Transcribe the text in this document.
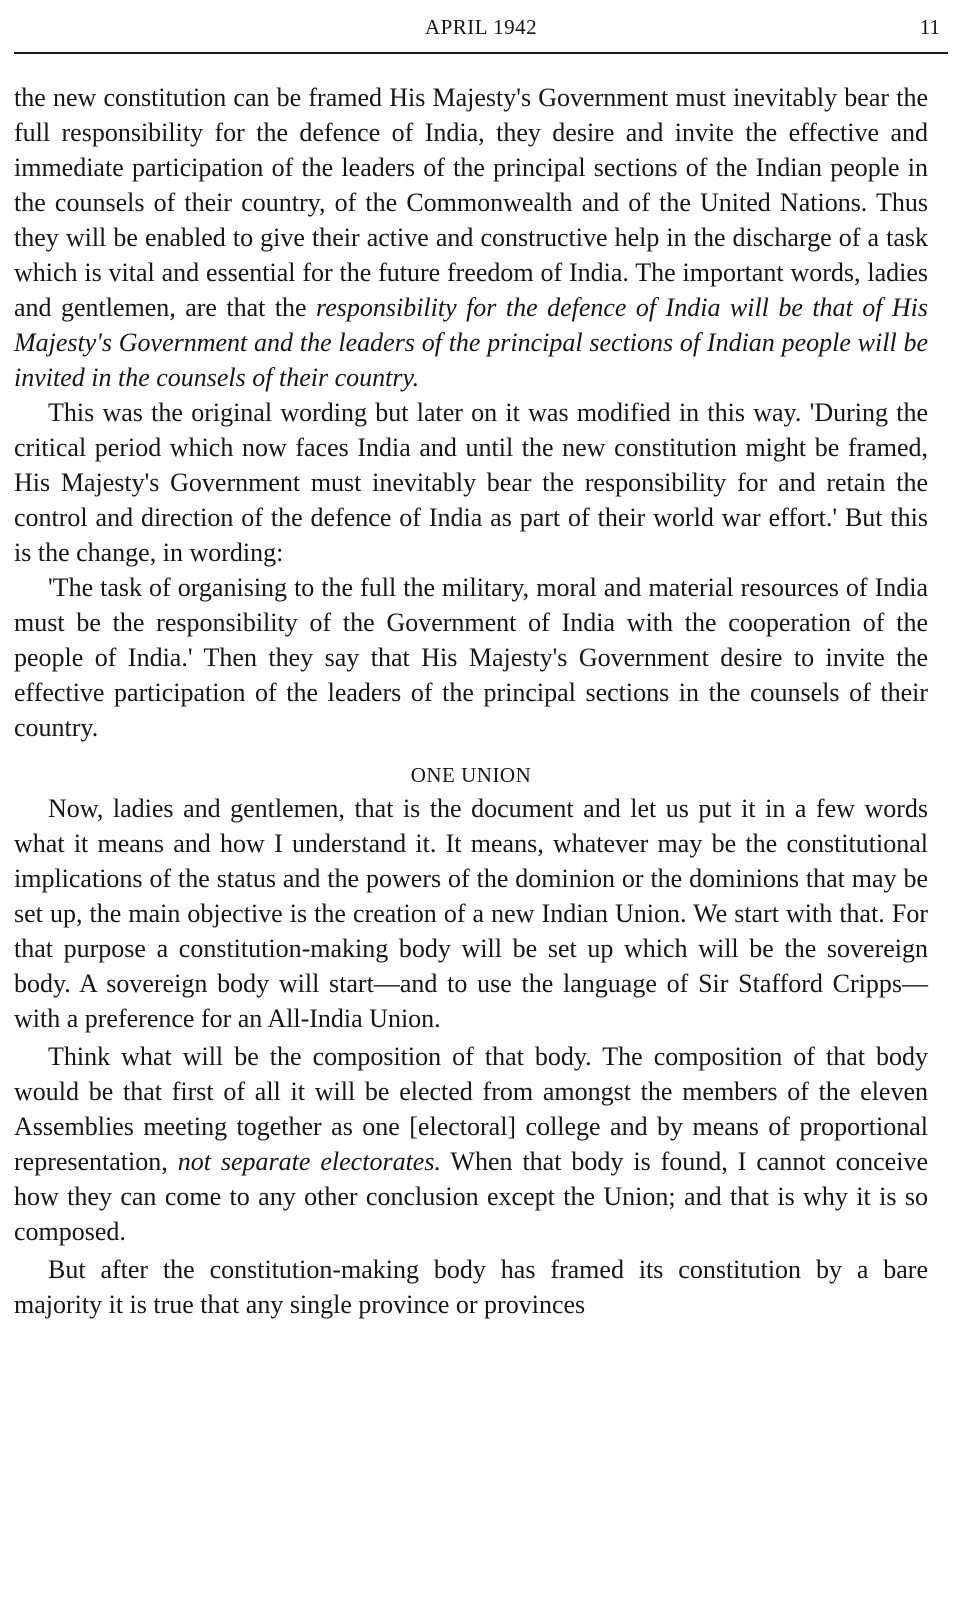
APRIL 1942	11

the new constitution can be framed His Majesty's Government must inevitably bear the full responsibility for the defence of India, they desire and invite the effective and immediate participation of the leaders of the principal sections of the Indian people in the counsels of their country, of the Commonwealth and of the United Nations. Thus they will be enabled to give their active and constructive help in the discharge of a task which is vital and essential for the future freedom of India. The important words, ladies and gentlemen, are that the responsibility for the defence of India will be that of His Majesty's Government and the leaders of the principal sections of Indian people will be invited in the counsels of their country.

This was the original wording but later on it was modified in this way. 'During the critical period which now faces India and until the new constitution might be framed, His Majesty's Government must inevitably bear the responsibility for and retain the control and direction of the defence of India as part of their world war effort.' But this is the change, in wording:

'The task of organising to the full the military, moral and material resources of India must be the responsibility of the Government of India with the cooperation of the people of India.' Then they say that His Majesty's Government desire to invite the effective participation of the leaders of the principal sections in the counsels of their country.

ONE UNION

Now, ladies and gentlemen, that is the document and let us put it in a few words what it means and how I understand it. It means, whatever may be the constitutional implications of the status and the powers of the dominion or the dominions that may be set up, the main objective is the creation of a new Indian Union. We start with that. For that purpose a constitution-making body will be set up which will be the sovereign body. A sovereign body will start—and to use the language of Sir Stafford Cripps—with a preference for an All-India Union.

Think what will be the composition of that body. The composition of that body would be that first of all it will be elected from amongst the members of the eleven Assemblies meeting together as one [electoral] college and by means of proportional representation, not separate electorates. When that body is found, I cannot conceive how they can come to any other conclusion except the Union; and that is why it is so composed.

But after the constitution-making body has framed its constitution by a bare majority it is true that any single province or provinces
